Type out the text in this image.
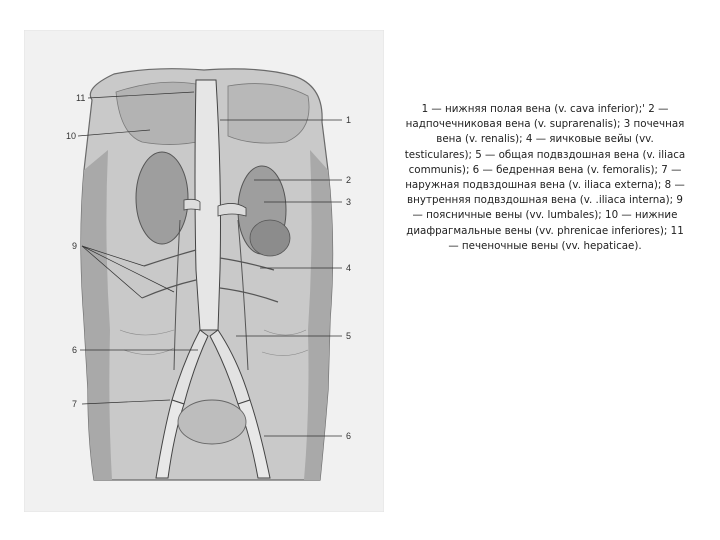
11
10
1
2
3
4
5
9
6
7
6

1 — нижняя полая вена (v. cava inferior);' 2 — надпочечниковая вена (v. suprarenalis); 3 почечная вена (v. renalis); 4 — яичковые вейы (vv. testiculares); 5 — общая подвздошная вена (v. iliaca communis); 6 — бедренная вена (v. femoralis); 7 — наружная подвздошная вена (v. iliaca externa); 8 — внутренняя подвздошная вена (v. .iliaca interna); 9 — поясничные вены (vv. lumbales); 10 — нижние диафрагмальные вены (vv. phrenicae inferiores); 11 — печеночные вены (vv. hepaticae).
